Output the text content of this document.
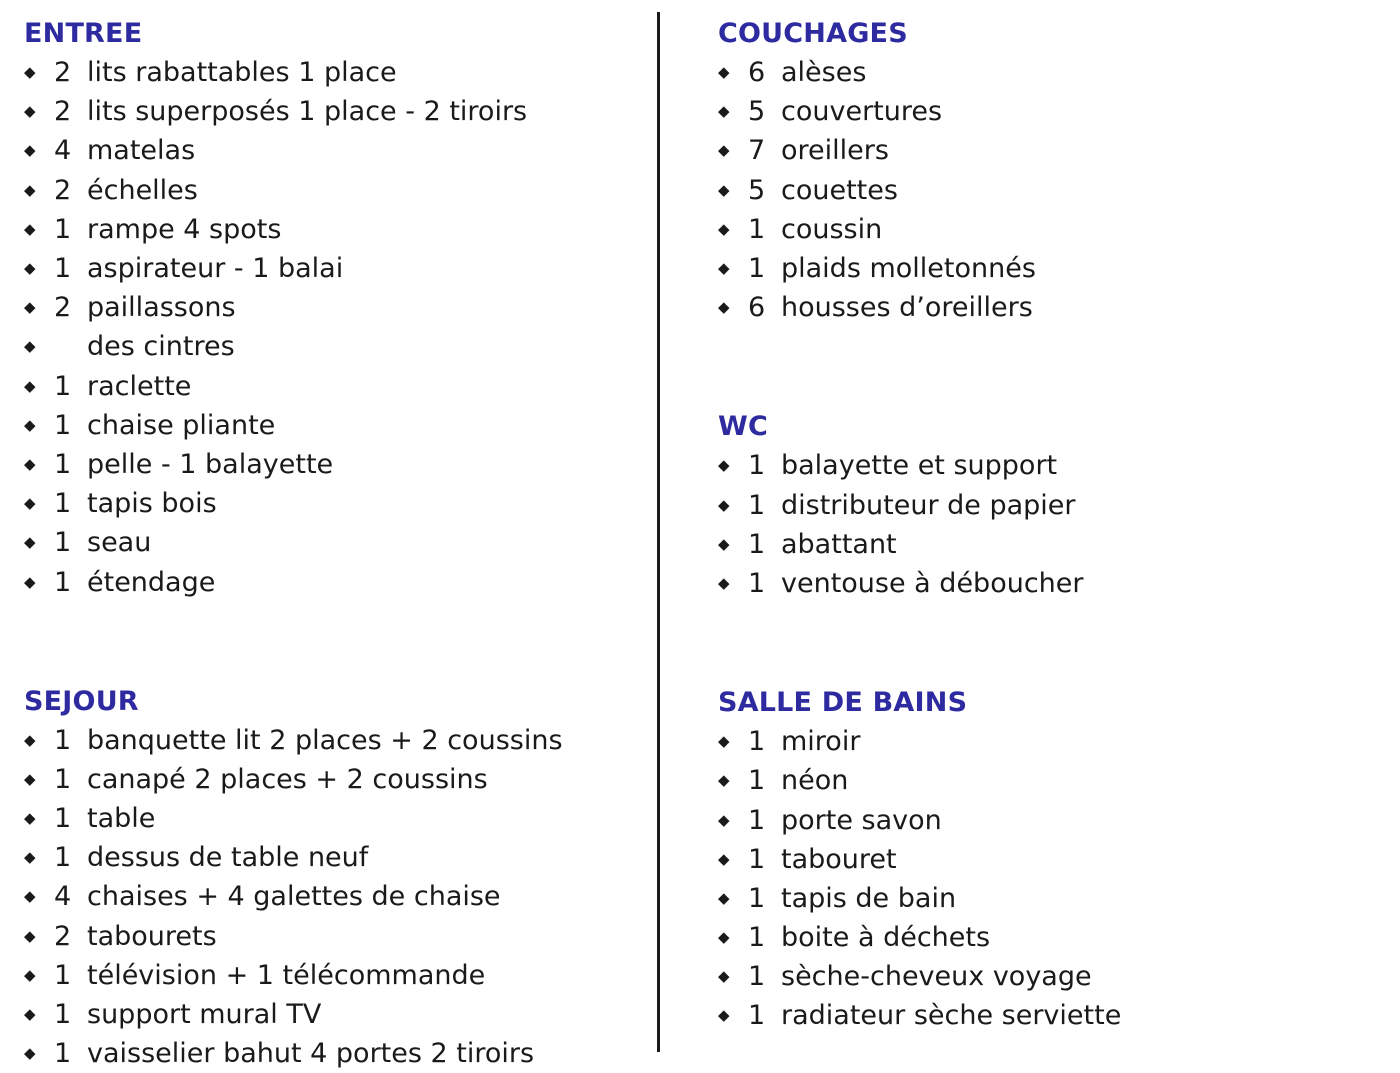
ENTREE
◆ 2 lits rabattables 1 place
◆ 2 lits superposés 1 place - 2 tiroirs
◆ 4 matelas
◆ 2 échelles
◆ 1 rampe 4 spots
◆ 1 aspirateur - 1 balai
◆ 2 paillassons
◆	des cintres
◆ 1 raclette
◆ 1 chaise pliante
◆ 1 pelle - 1 balayette
◆ 1 tapis bois
◆ 1 seau
◆ 1 étendage
SEJOUR
◆ 1 banquette lit 2 places + 2 coussins
◆ 1 canapé 2 places + 2 coussins
◆ 1 table
◆ 1 dessus de table neuf
◆ 4 chaises + 4 galettes de chaise
◆ 2 tabourets
◆ 1 télévision + 1 télécommande
◆ 1 support mural TV
◆ 1 vaisselier bahut 4 portes 2 tiroirs
COUCHAGES
◆ 6 alèses
◆ 5 couvertures
◆ 7 oreillers
◆ 5 couettes
◆ 1 coussin
◆ 1 plaids molletonnés
◆ 6 housses d’oreillers
WC
◆ 1 balayette et support
◆ 1 distributeur de papier
◆ 1 abattant
◆ 1 ventouse à déboucher
SALLE DE BAINS
◆ 1 miroir
◆ 1 néon
◆ 1 porte savon
◆ 1 tabouret
◆ 1 tapis de bain
◆ 1 boite à déchets
◆ 1 sèche-cheveux voyage
◆ 1 radiateur sèche serviette
